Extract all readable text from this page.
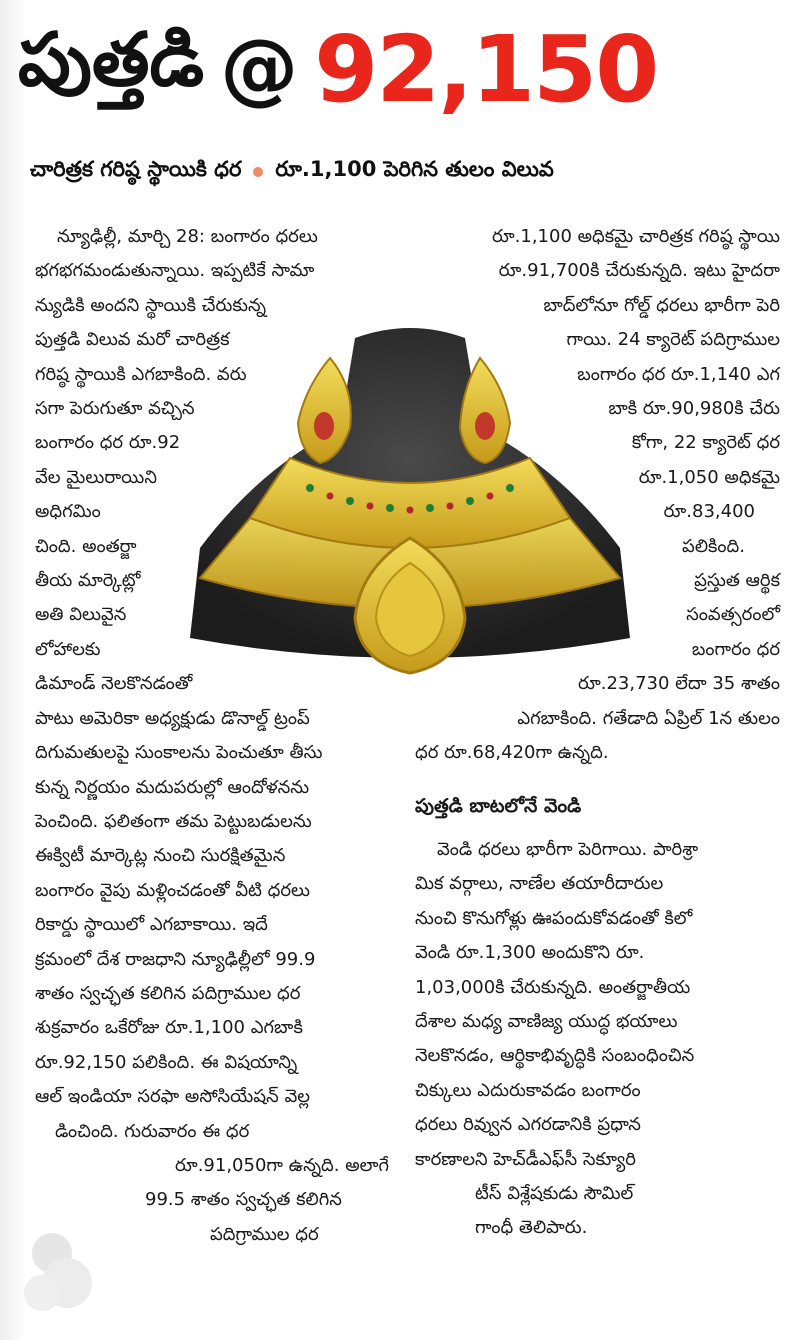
పుత్తడి @ 92,150
చారిత్రక గరిష్ఠ స్థాయికి ధర రూ.1,100 పెరిగిన తులం విలువ
న్యూఢిల్లీ, మార్చి 28: బంగారం ధరలు
భగభగమండుతున్నాయి. ఇప్పటికే సామా
న్యుడికి అందని స్థాయికి చేరుకున్న
పుత్తడి విలువ మరో చారిత్రక
గరిష్ఠ స్థాయికి ఎగబాకింది. వరు
సగా పెరుగుతూ వచ్చిన
బంగారం ధర రూ.92
వేల మైలురాయిని
అధిగమిం
చింది. అంతర్జా
తీయ మార్కెట్లో
అతి విలువైన
లోహాలకు
డిమాండ్ నెలకొనడంతో
పాటు అమెరికా అధ్యక్షుడు డొనాల్డ్ ట్రంప్
దిగుమతులపై సుంకాలను పెంచుతూ తీసు
కున్న నిర్ణయం మదుపరుల్లో ఆందోళనను
పెంచింది. ఫలితంగా తమ పెట్టుబడులను
ఈక్విటీ మార్కెట్ల నుంచి సురక్షితమైన
బంగారం వైపు మళ్లించడంతో వీటి ధరలు
రికార్డు స్థాయిలో ఎగబాకాయి. ఇదే
క్రమంలో దేశ రాజధాని న్యూఢిల్లీలో 99.9
శాతం స్వచ్ఛత కలిగిన పదిగ్రాముల ధర
శుక్రవారం ఒకేరోజు రూ.1,100 ఎగబాకి
రూ.92,150 పలికింది. ఈ విషయాన్ని
ఆల్ ఇండియా సరఫా అసోసియేషన్ వెల్ల
డించింది. గురువారం ఈ ధర
రూ.91,050గా ఉన్నది. అలాగే
99.5 శాతం స్వచ్ఛత కలిగిన
పదిగ్రాముల ధర
రూ.1,100 అధికమై చారిత్రక గరిష్ఠ స్థాయి
రూ.91,700కి చేరుకున్నది. ఇటు హైదరా
బాద్‌లోనూ గోల్డ్ ధరలు భారీగా పెరి
గాయి. 24 క్యారెట్ పదిగ్రాముల
బంగారం ధర రూ.1,140 ఎగ
బాకి రూ.90,980కి చేరు
కోగా, 22 క్యారెట్ ధర
రూ.1,050 అధికమై
రూ.83,400
పలికింది.
ప్రస్తుత ఆర్థిక
సంవత్సరంలో
బంగారం ధర
రూ.23,730 లేదా 35 శాతం
ఎగబాకింది. గతేడాది ఏప్రిల్ 1న తులం
ధర రూ.68,420గా ఉన్నది.
పుత్తడి బాటలోనే వెండి
వెండి ధరలు భారీగా పెరిగాయి. పారిశ్రా
మిక వర్గాలు, నాణేల తయారీదారుల
నుంచి కొనుగోళ్లు ఊపందుకోవడంతో కిలో
వెండి రూ.1,300 అందుకొని రూ.
1,03,000కి చేరుకున్నది. అంతర్జాతీయ
దేశాల మధ్య వాణిజ్య యుద్ధ భయాలు
నెలకొనడం, ఆర్థికాభివృద్ధికి సంబంధించిన
చిక్కులు ఎదురుకావడం బంగారం
ధరలు రివ్వున ఎగరడానికి ప్రధాన
కారణాలని హెచ్‌డీఎఫ్‌సీ సెక్యూరి
టీస్ విశ్లేషకుడు సౌమిల్
గాంధీ తెలిపారు.
